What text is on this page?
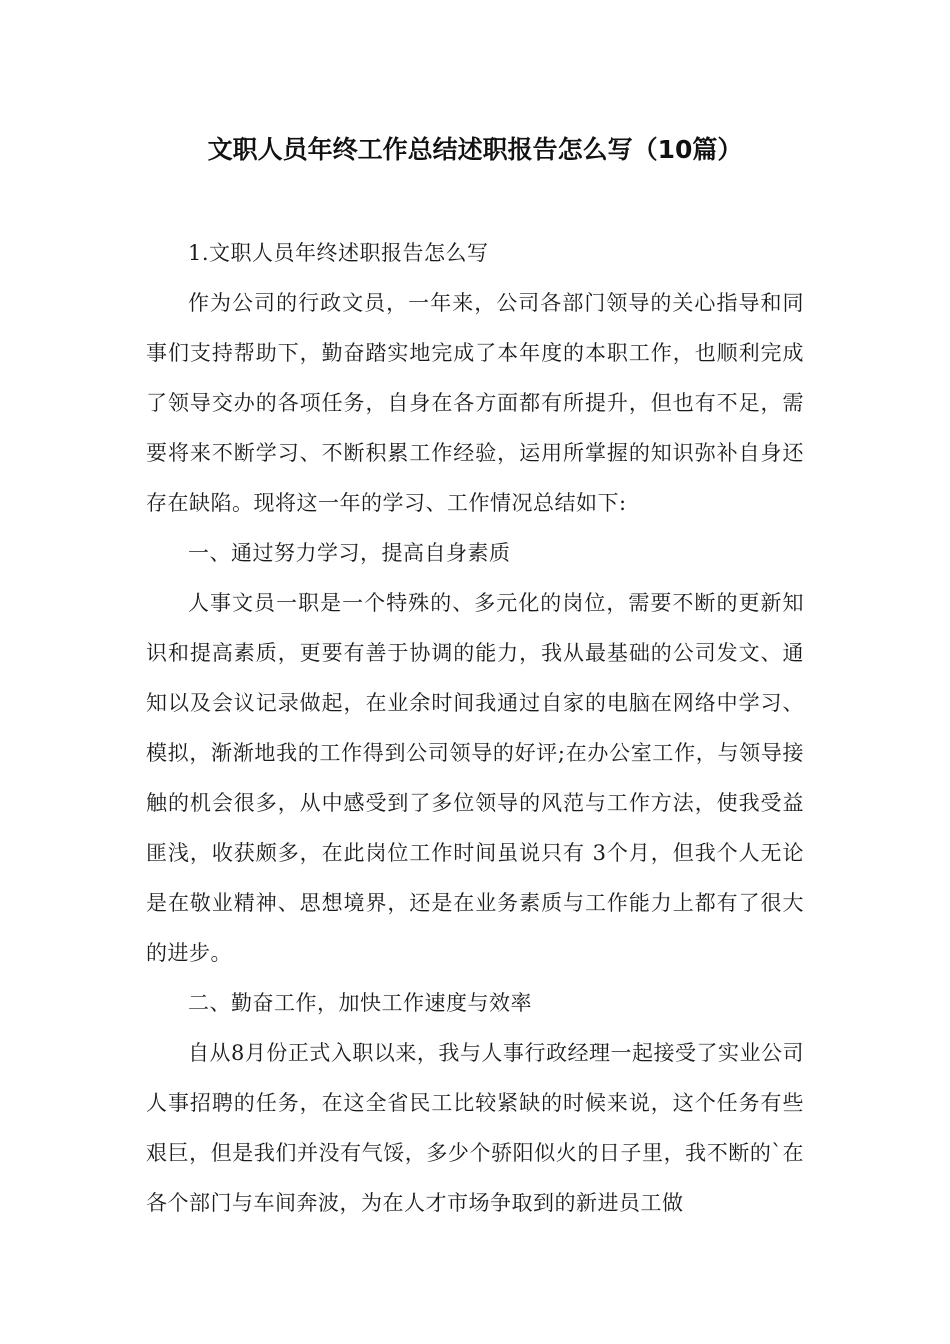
文职人员年终工作总结述职报告怎么写（10篇）

1.文职人员年终述职报告怎么写

作为公司的行政文员，一年来，公司各部门领导的关心指导和同事们支持帮助下，勤奋踏实地完成了本年度的本职工作，也顺利完成了领导交办的各项任务，自身在各方面都有所提升，但也有不足，需要将来不断学习、不断积累工作经验，运用所掌握的知识弥补自身还存在缺陷。现将这一年的学习、工作情况总结如下:

一、通过努力学习，提高自身素质

人事文员一职是一个特殊的、多元化的岗位，需要不断的更新知识和提高素质，更要有善于协调的能力，我从最基础的公司发文、通知以及会议记录做起，在业余时间我通过自家的电脑在网络中学习、模拟，渐渐地我的工作得到公司领导的好评;在办公室工作，与领导接触的机会很多，从中感受到了多位领导的风范与工作方法，使我受益匪浅，收获颇多，在此岗位工作时间虽说只有 3个月，但我个人无论是在敬业精神、思想境界，还是在业务素质与工作能力上都有了很大的进步。

二、勤奋工作，加快工作速度与效率

自从8月份正式入职以来，我与人事行政经理一起接受了实业公司人事招聘的任务，在这全省民工比较紧缺的时候来说，这个任务有些艰巨，但是我们并没有气馁，多少个骄阳似火的日子里，我不断的`在各个部门与车间奔波，为在人才市场争取到的新进员工做
